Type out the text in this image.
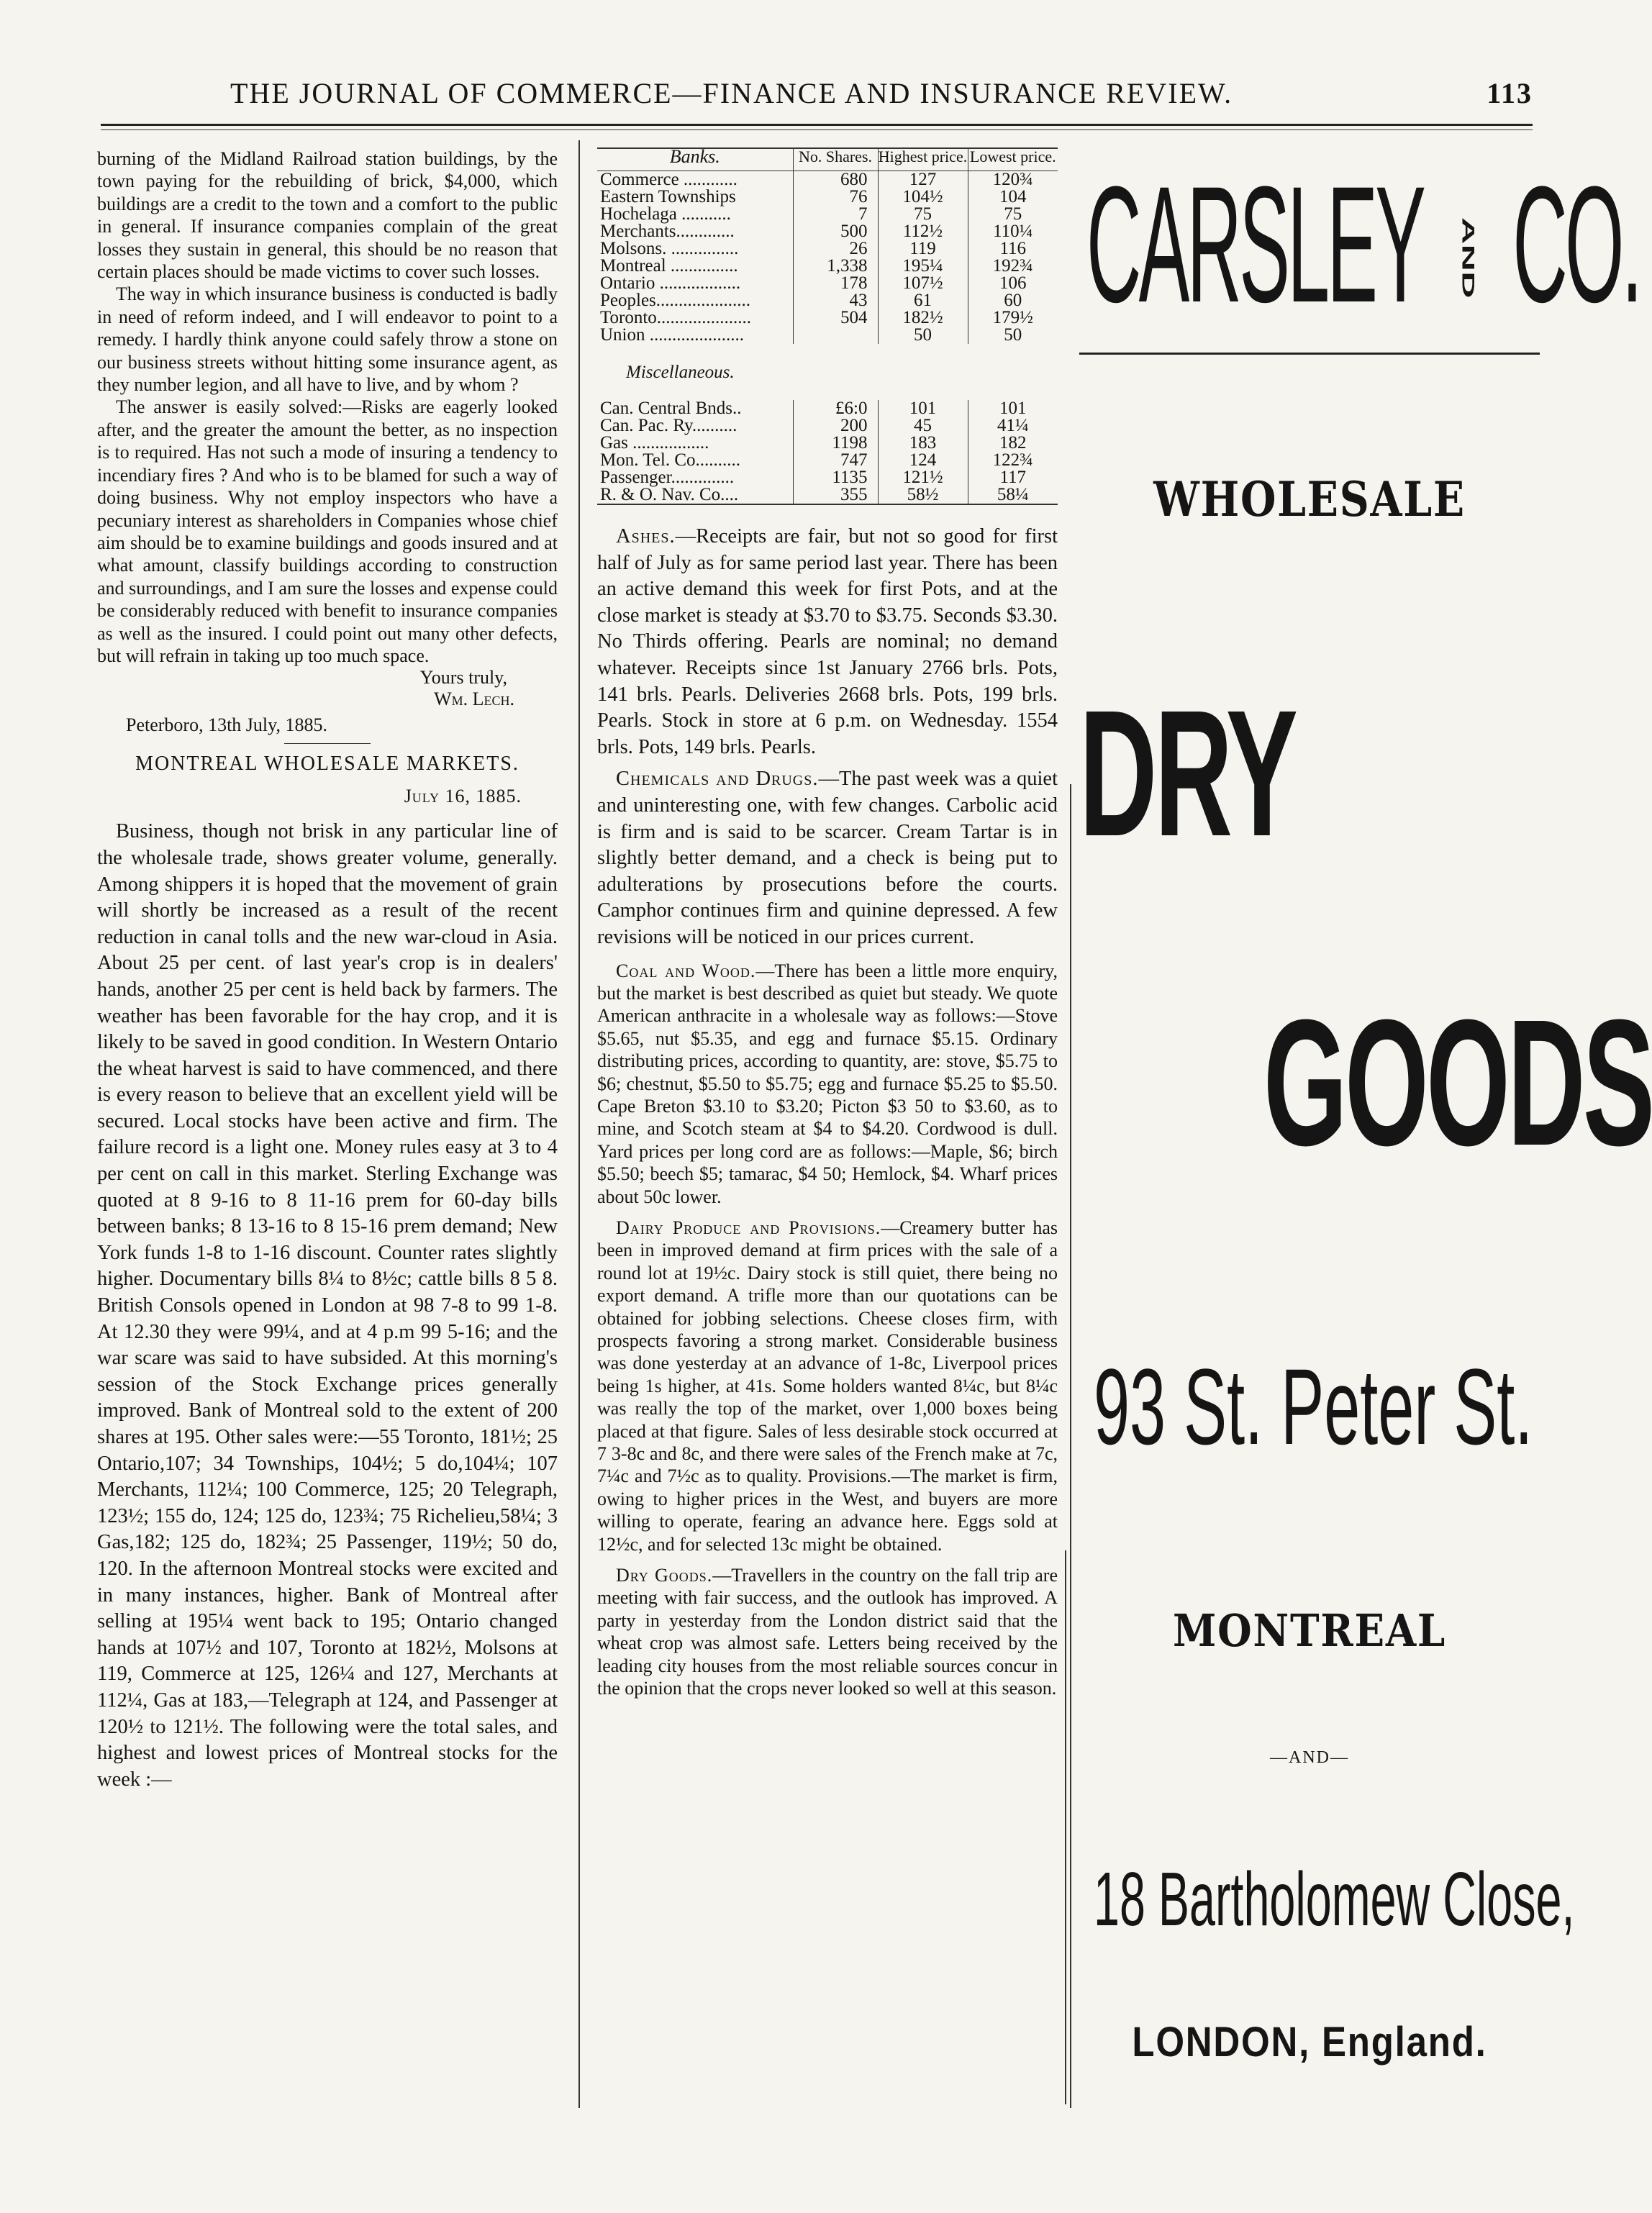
THE JOURNAL OF COMMERCE—FINANCE AND INSURANCE REVIEW.	113

burning of the Midland Railroad station buildings, by the town paying for the rebuilding of brick, $4,000, which buildings are a credit to the town and a comfort to the public in general. If insurance companies complain of the great losses they sustain in general, this should be no reason that certain places should be made victims to cover such losses.

The way in which insurance business is conducted is badly in need of reform indeed, and I will endeavor to point to a remedy. I hardly think anyone could safely throw a stone on our business streets without hitting some insurance agent, as they number legion, and all have to live, and by whom ?

The answer is easily solved:—Risks are eagerly looked after, and the greater the amount the better, as no inspection is to required. Has not such a mode of insuring a tendency to incendiary fires ? And who is to be blamed for such a way of doing business. Why not employ inspectors who have a pecuniary interest as shareholders in Companies whose chief aim should be to examine buildings and goods insured and at what amount, classify buildings according to construction and surroundings, and I am sure the losses and expense could be considerably reduced with benefit to insurance companies as well as the insured. I could point out many other defects, but will refrain in taking up too much space.

Yours truly,
Wm. Lech.
Peterboro, 13th July, 1885.
MONTREAL WHOLESALE MARKETS.
July 16, 1885.

Business, though not brisk in any particular line of the wholesale trade, shows greater volume, generally. Among shippers it is hoped that the movement of grain will shortly be increased as a result of the recent reduction in canal tolls and the new war-cloud in Asia. About 25 per cent. of last year's crop is in dealers' hands, another 25 per cent is held back by farmers. The weather has been favorable for the hay crop, and it is likely to be saved in good condition. In Western Ontario the wheat harvest is said to have commenced, and there is every reason to believe that an excellent yield will be secured. Local stocks have been active and firm. The failure record is a light one. Money rules easy at 3 to 4 per cent on call in this market. Sterling Exchange was quoted at 8 9-16 to 8 11-16 prem for 60-day bills between banks; 8 13-16 to 8 15-16 prem demand; New York funds 1-8 to 1-16 discount. Counter rates slightly higher. Documentary bills 8¼ to 8½c; cattle bills 8 5 8. British Consols opened in London at 98 7-8 to 99 1-8. At 12.30 they were 99¼, and at 4 p.m 99 5-16; and the war scare was said to have subsided. At this morning's session of the Stock Exchange prices generally improved. Bank of Montreal sold to the extent of 200 shares at 195. Other sales were:—55 Toronto, 181½; 25 Ontario,107; 34 Townships, 104½; 5 do,104¼; 107 Merchants, 112¼; 100 Commerce, 125; 20 Telegraph, 123½; 155 do, 124; 125 do, 123¾; 75 Richelieu,58¼; 3 Gas,182; 125 do, 182¾; 25 Passenger, 119½; 50 do, 120. In the afternoon Montreal stocks were excited and in many instances, higher. Bank of Montreal after selling at 195¼ went back to 195; Ontario changed hands at 107½ and 107, Toronto at 182½, Molsons at 119, Commerce at 125, 126¼ and 127, Merchants at 112¼, Gas at 183,—Telegraph at 124, and Passenger at 120½ to 121½. The following were the total sales, and highest and lowest prices of Montreal stocks for the week :—

Banks.	No. Shares.	Highest price.	Lowest price.
Commerce ............	680	127	120¾
Eastern Townships	76	104½	104
Hochelaga ...........	7	75	75
Merchants.............	500	112½	110¼
Molsons. ...............	26	119	116
Montreal ...............	1,338	195¼	192¾
Ontario ..................	178	107½	106
Peoples.....................	43	61	60
Toronto.....................	504	182½	179½
Union .....................		50	50
Miscellaneous.			
Can. Central Bnds..	£6:0	101	101
Can. Pac. Ry..........	200	45	41¼
Gas .................	1198	183	182
Mon. Tel. Co..........	747	124	122¾
Passenger..............	1135	121½	117
R. & O. Nav. Co....	355	58½	58¼

Ashes.—Receipts are fair, but not so good for first half of July as for same period last year. There has been an active demand this week for first Pots, and at the close market is steady at $3.70 to $3.75. Seconds $3.30. No Thirds offering. Pearls are nominal; no demand whatever. Receipts since 1st January 2766 brls. Pots, 141 brls. Pearls. Deliveries 2668 brls. Pots, 199 brls. Pearls. Stock in store at 6 p.m. on Wednesday. 1554 brls. Pots, 149 brls. Pearls.

Chemicals and Drugs.—The past week was a quiet and uninteresting one, with few changes. Carbolic acid is firm and is said to be scarcer. Cream Tartar is in slightly better demand, and a check is being put to adulterations by prosecutions before the courts. Camphor continues firm and quinine depressed. A few revisions will be noticed in our prices current.

Coal and Wood.—There has been a little more enquiry, but the market is best described as quiet but steady. We quote American anthracite in a wholesale way as follows:—Stove $5.65, nut $5.35, and egg and furnace $5.15. Ordinary distributing prices, according to quantity, are: stove, $5.75 to $6; chestnut, $5.50 to $5.75; egg and furnace $5.25 to $5.50. Cape Breton $3.10 to $3.20; Picton $3 50 to $3.60, as to mine, and Scotch steam at $4 to $4.20. Cordwood is dull. Yard prices per long cord are as follows:—Maple, $6; birch $5.50; beech $5; tamarac, $4 50; Hemlock, $4. Wharf prices about 50c lower.

Dairy Produce and Provisions.—Creamery butter has been in improved demand at firm prices with the sale of a round lot at 19½c. Dairy stock is still quiet, there being no export demand. A trifle more than our quotations can be obtained for jobbing selections. Cheese closes firm, with prospects favoring a strong market. Considerable business was done yesterday at an advance of 1-8c, Liverpool prices being 1s higher, at 41s. Some holders wanted 8¼c, but 8¼c was really the top of the market, over 1,000 boxes being placed at that figure. Sales of less desirable stock occurred at 7 3-8c and 8c, and there were sales of the French make at 7c, 7¼c and 7½c as to quality. Provisions.—The market is firm, owing to higher prices in the West, and buyers are more willing to operate, fearing an advance here. Eggs sold at 12½c, and for selected 13c might be obtained.

Dry Goods.—Travellers in the country on the fall trip are meeting with fair success, and the outlook has improved. A party in yesterday from the London district said that the wheat crop was almost safe. Letters being received by the leading city houses from the most reliable sources concur in the opinion that the crops never looked so well at this season.

CARSLEY AND CO.
WHOLESALE
DRY
GOODS
93 St. Peter St.
MONTREAL
—AND—
18 Bartholomew Close,
LONDON, England.
